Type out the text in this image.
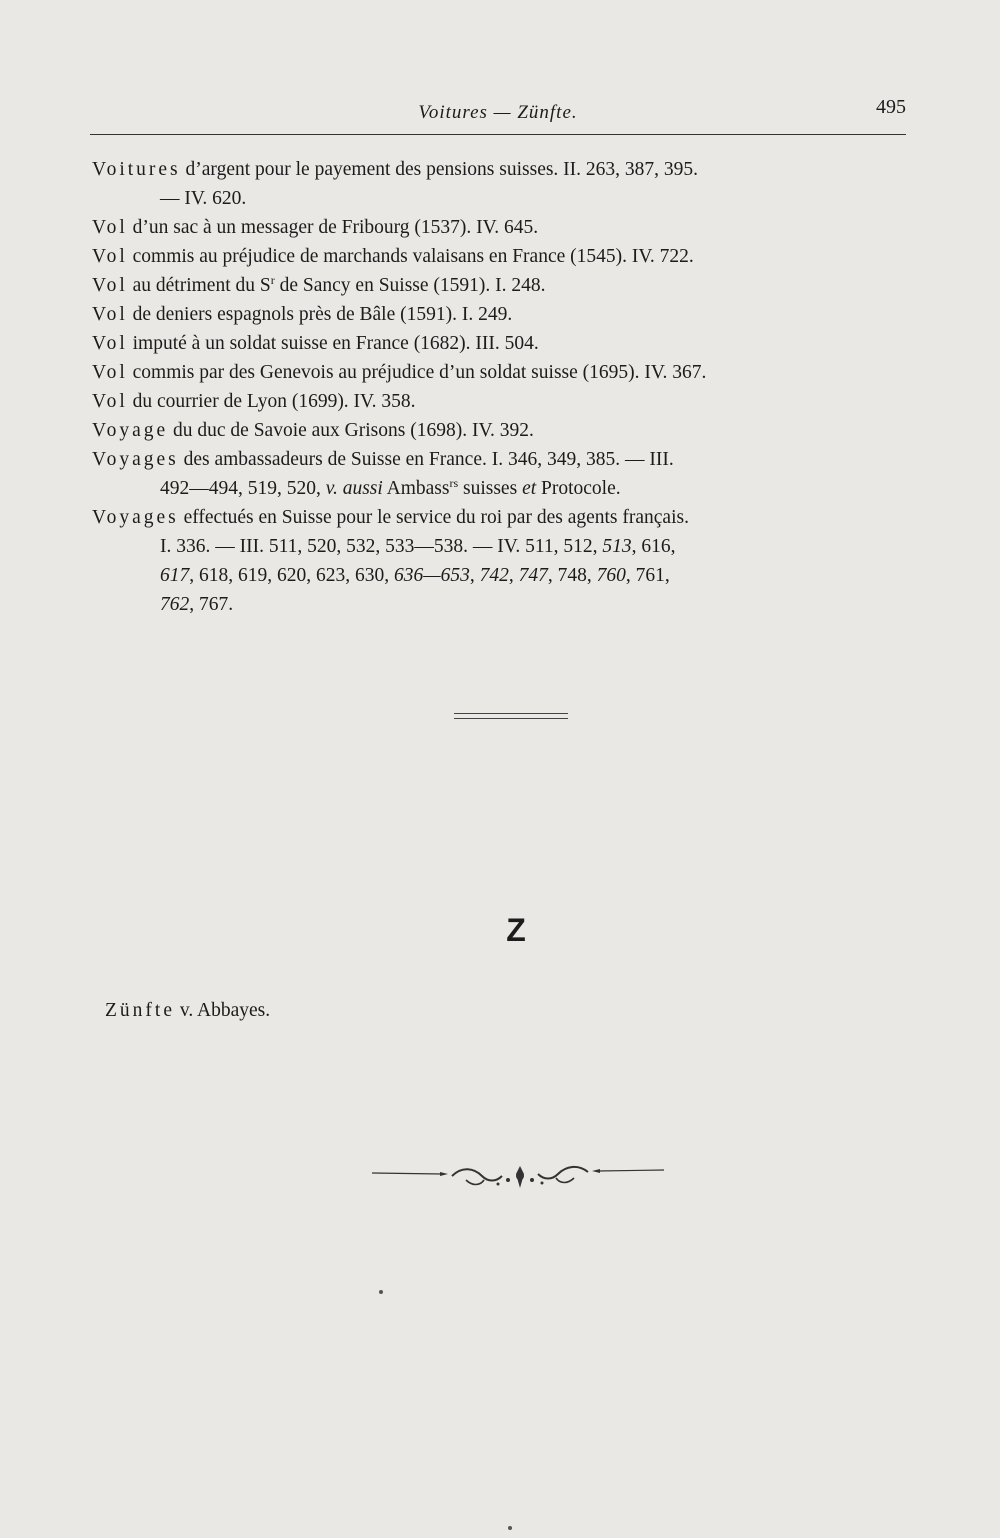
Voitures — Zünfte.	495

Voitures d’argent pour le payement des pensions suisses. II. 263, 387, 395.
— IV. 620.

Vol d’un sac à un messager de Fribourg (1537). IV. 645.

Vol commis au préjudice de marchands valaisans en France (1545). IV. 722.

Vol au détriment du $S^r$ de Sancy en Suisse (1591). I. 248.

Vol de deniers espagnols près de Bâle (1591). I. 249.

Vol imputé à un soldat suisse en France (1682). III. 504.

Vol commis par des Genevois au préjudice d’un soldat suisse (1695). IV. 367.

Vol du courrier de Lyon (1699). IV. 358.

Voyage du duc de Savoie aux Grisons (1698). IV. 392.

Voyages des ambassadeurs de Suisse en France. I. 346, 349, 385. — III.
492—494, 519, 520, v. aussi Ambass$^{rs}$ suisses et Protocole.

Voyages effectués en Suisse pour le service du roi par des agents français.
I. 336. — III. 511, 520, 532, 533—538. — IV. 511, 512, 513, 616,
617, 618, 619, 620, 623, 630, 636—653, 742, 747, 748, 760, 761,
762, 767.

Z
Zünfte v. Abbayes.
